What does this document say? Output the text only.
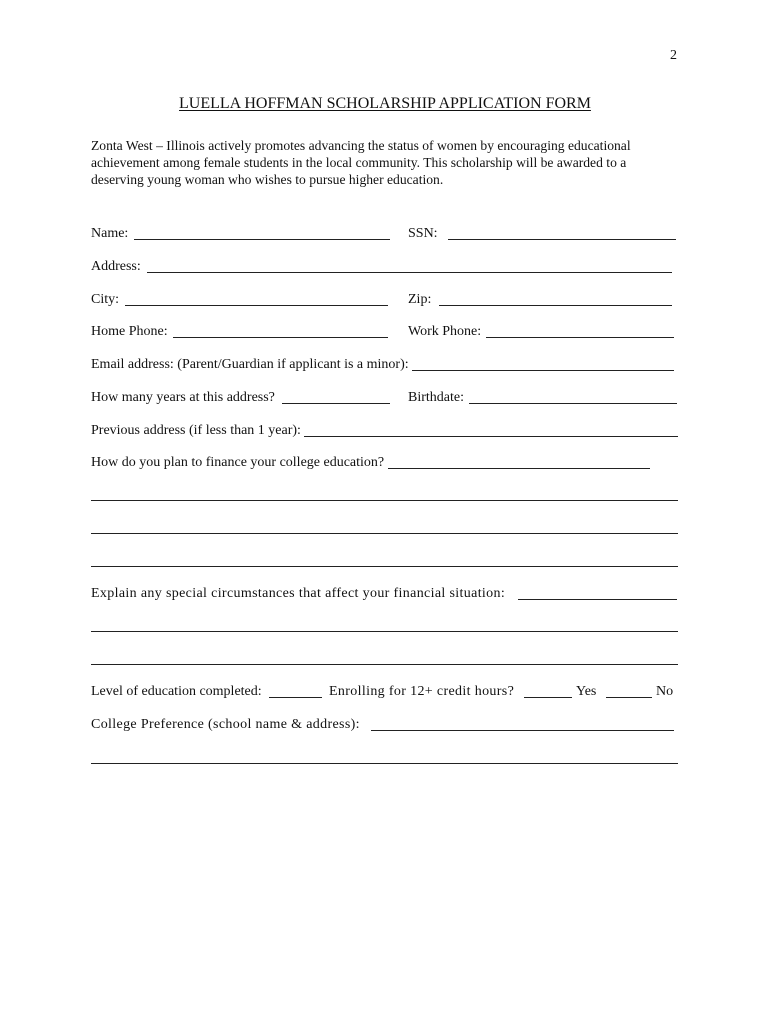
2
LUELLA HOFFMAN SCHOLARSHIP APPLICATION FORM

Zonta West – Illinois actively promotes advancing the status of women by encouraging educational

achievement among female students in the local community. This scholarship will be awarded to a

deserving young woman who wishes to pursue higher education.

Name:	SSN:
Address:
City:	Zip:
Home Phone:	Work Phone:
Email address: (Parent/Guardian if applicant is a minor):
How many years at this address?	Birthdate:
Previous address (if less than 1 year):
How do you plan to finance your college education?
Explain any special circumstances that affect your financial situation:
Level of education completed:	Enrolling for 12+ credit hours?	Yes	No
College Preference (school name & address):
